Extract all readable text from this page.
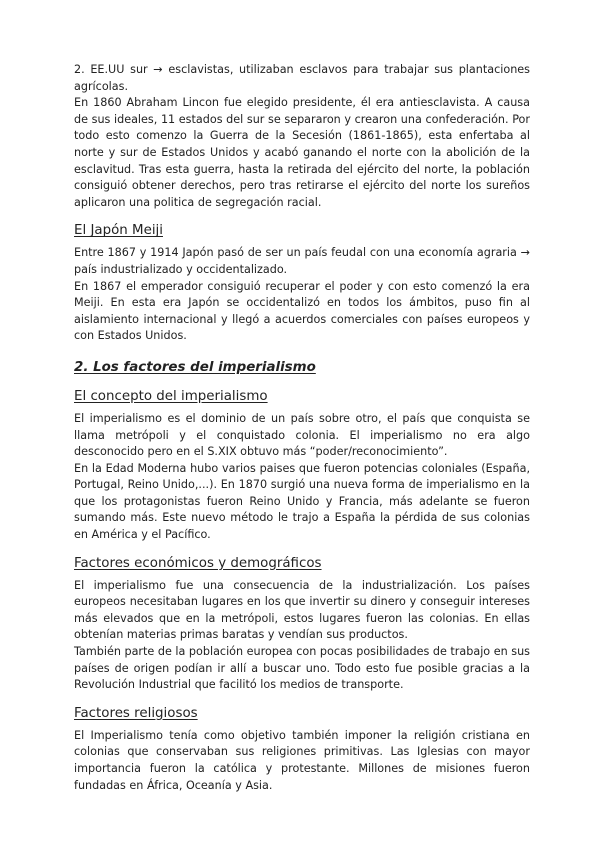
2. EE.UU sur → esclavistas, utilizaban esclavos para trabajar sus plantaciones agrícolas.

En 1860 Abraham Lincon fue elegido presidente, él era antiesclavista. A causa de sus ideales, 11 estados del sur se separaron y crearon una confederación. Por todo esto comenzo la Guerra de la Secesión (1861-1865), esta enfertaba al norte y sur de Estados Unidos y acabó ganando el norte con la abolición de la esclavitud. Tras esta guerra, hasta la retirada del ejército del norte, la población consiguió obtener derechos, pero tras retirarse el ejército del norte los sureños aplicaron una politica de segregación racial.

El Japón Meiji

Entre 1867 y 1914 Japón pasó de ser un país feudal con una economía agraria → país industrializado y occidentalizado.

En 1867 el emperador consiguió recuperar el poder y con esto comenzó la era Meiji. En esta era Japón se occidentalizó en todos los ámbitos, puso fin al aislamiento internacional y llegó a acuerdos comerciales con países europeos y con Estados Unidos.

2. Los factores del imperialismo
El concepto del imperialismo

El imperialismo es el dominio de un país sobre otro, el país que conquista se llama metrópoli y el conquistado colonia. El imperialismo no era algo desconocido pero en el S.XIX obtuvo más “poder/reconocimiento”.

En la Edad Moderna hubo varios paises que fueron potencias coloniales (España, Portugal, Reino Unido,...). En 1870 surgió una nueva forma de imperialismo en la que los protagonistas fueron Reino Unido y Francia, más adelante se fueron sumando más. Este nuevo método le trajo a España la pérdida de sus colonias en América y el Pacífico.

Factores económicos y demográficos

El imperialismo fue una consecuencia de la industrialización. Los países europeos necesitaban lugares en los que invertir su dinero y conseguir intereses más elevados que en la metrópoli, estos lugares fueron las colonias. En ellas obtenían materias primas baratas y vendían sus productos.

También parte de la población europea con pocas posibilidades de trabajo en sus países de origen podían ir allí a buscar uno. Todo esto fue posible gracias a la Revolución Industrial que facilitó los medios de transporte.

Factores religiosos

El Imperialismo tenía como objetivo también imponer la religión cristiana en colonias que conservaban sus religiones primitivas. Las Iglesias con mayor importancia fueron la católica y protestante. Millones de misiones fueron fundadas en África, Oceanía y Asia.
